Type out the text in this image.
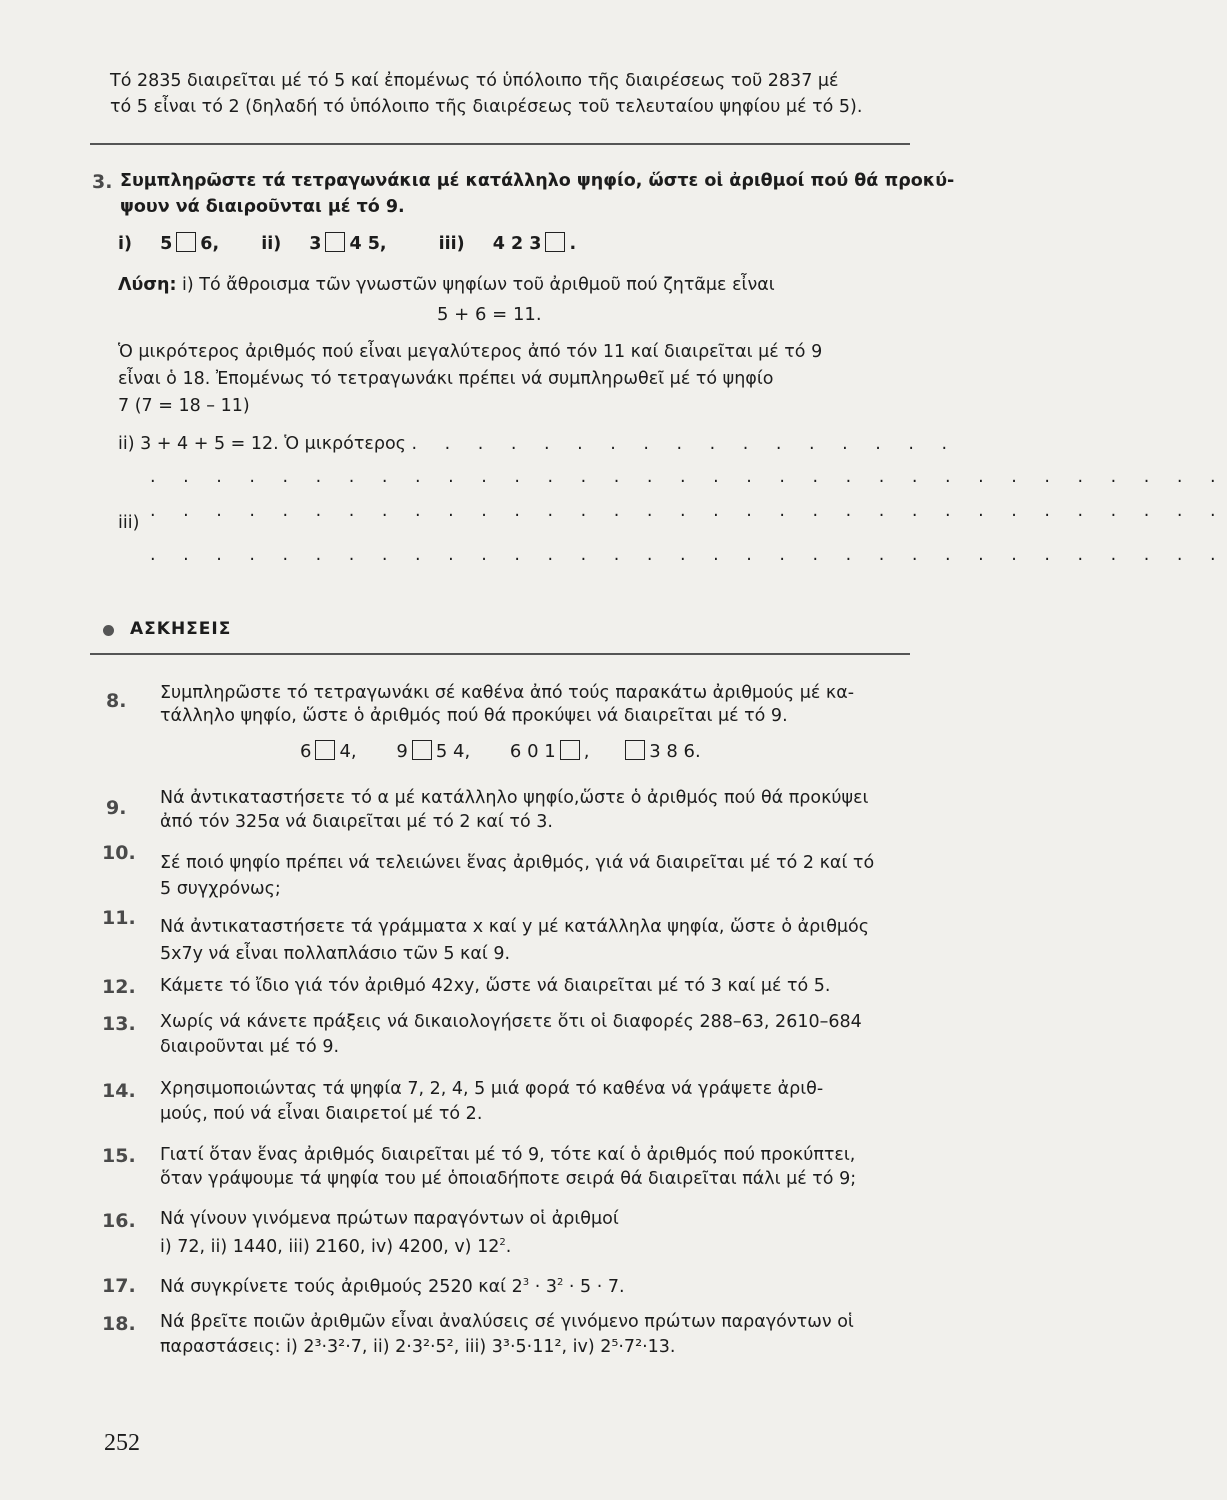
Τό 2835 διαιρεῖται μέ τό 5 καί ἐπομένως τό ὑπόλοιπο τῆς διαιρέσεως τοῦ 2837 μέ
τό 5 εἶναι τό 2 (δηλαδή τό ὑπόλοιπο τῆς διαιρέσεως τοῦ τελευταίου ψηφίου μέ τό 5).
3. Συμπληρῶστε τά τετραγωνάκια μέ κατάλληλο ψηφίο, ὥστε οἱ ἀριθμοί πού θά προκύ-
ψουν νά διαιροῦνται μέ τό 9.
i) 5 6, ii) 3 4 5,	iii) 4 2 3 .
Λύση: i) Τό ἄθροισμα τῶν γνωστῶν ψηφίων τοῦ ἀριθμοῦ πού ζητᾶμε εἶναι
5 + 6 = 11.
Ὁ μικρότερος ἀριθμός πού εἶναι μεγαλύτερος ἀπό τόν 11 καί διαιρεῖται μέ τό 9
εἶναι ὁ 18. Ἐπομένως τό τετραγωνάκι πρέπει νά συμπληρωθεῖ μέ τό ψηφίο
7 (7 = 18 – 11)
ii) 3 + 4 + 5 = 12. Ὁ μικρότερος . . . . . . . . . . . . . . . . .
. . . . . . . . . . . . . . . . . . . . . . . . . . . . . . . . .
iii)
. . . . . . . . . . . . . . . . . . . . . . . . . . . . . . . . .
. . . . . . . . . . . . . . . . . . . . . . . . . . . . . . . . .
ΑΣΚΗΣΕΙΣ
8. Συμπληρῶστε τό τετραγωνάκι σέ καθένα ἀπό τούς παρακάτω ἀριθμούς μέ κα-
τάλληλο ψηφίο, ὥστε ὁ ἀριθμός πού θά προκύψει νά διαιρεῖται μέ τό 9.
6 4, 9 5 4, 6 0 1 ,	3 8 6.
9. Νά ἀντικαταστήσετε τό α μέ κατάλληλο ψηφίο,ὥστε ὁ ἀριθμός πού θά προκύψει
ἀπό τόν 325α νά διαιρεῖται μέ τό 2 καί τό 3.
10. Σέ ποιό ψηφίο πρέπει νά τελειώνει ἕνας ἀριθμός, γιά νά διαιρεῖται μέ τό 2 καί τό
5 συγχρόνως;
11. Νά ἀντικαταστήσετε τά γράμματα x καί y μέ κατάλληλα ψηφία, ὥστε ὁ ἀριθμός
5x7y νά εἶναι πολλαπλάσιο τῶν 5 καί 9.
12. Κάμετε τό ἴδιο γιά τόν ἀριθμό 42xy, ὥστε νά διαιρεῖται μέ τό 3 καί μέ τό 5.
13. Χωρίς νά κάνετε πράξεις νά δικαιολογήσετε ὅτι οἱ διαφορές 288–63, 2610–684
διαιροῦνται μέ τό 9.
14. Χρησιμοποιώντας τά ψηφία 7, 2, 4, 5 μιά φορά τό καθένα νά γράψετε ἀριθ-
μούς, πού νά εἶναι διαιρετοί μέ τό 2.
15. Γιατί ὅταν ἕνας ἀριθμός διαιρεῖται μέ τό 9, τότε καί ὁ ἀριθμός πού προκύπτει,
ὅταν γράψουμε τά ψηφία του μέ ὁποιαδήποτε σειρά θά διαιρεῖται πάλι μέ τό 9;
16. Νά γίνουν γινόμενα πρώτων παραγόντων οἱ ἀριθμοί
i) 72, ii) 1440, iii) 2160, iv) 4200, v) $12^2$.
17. Νά συγκρίνετε τούς ἀριθμούς 2520 καί $2^3 \cdot 3^2 \cdot 5 \cdot 7$.
18. Νά βρεῖτε ποιῶν ἀριθμῶν εἶναι ἀναλύσεις σέ γινόμενο πρώτων παραγόντων οἱ
παραστάσεις: i) 2³·3²·7, ii) 2·3²·5², iii) 3³·5·11², iv) 2⁵·7²·13.
252
